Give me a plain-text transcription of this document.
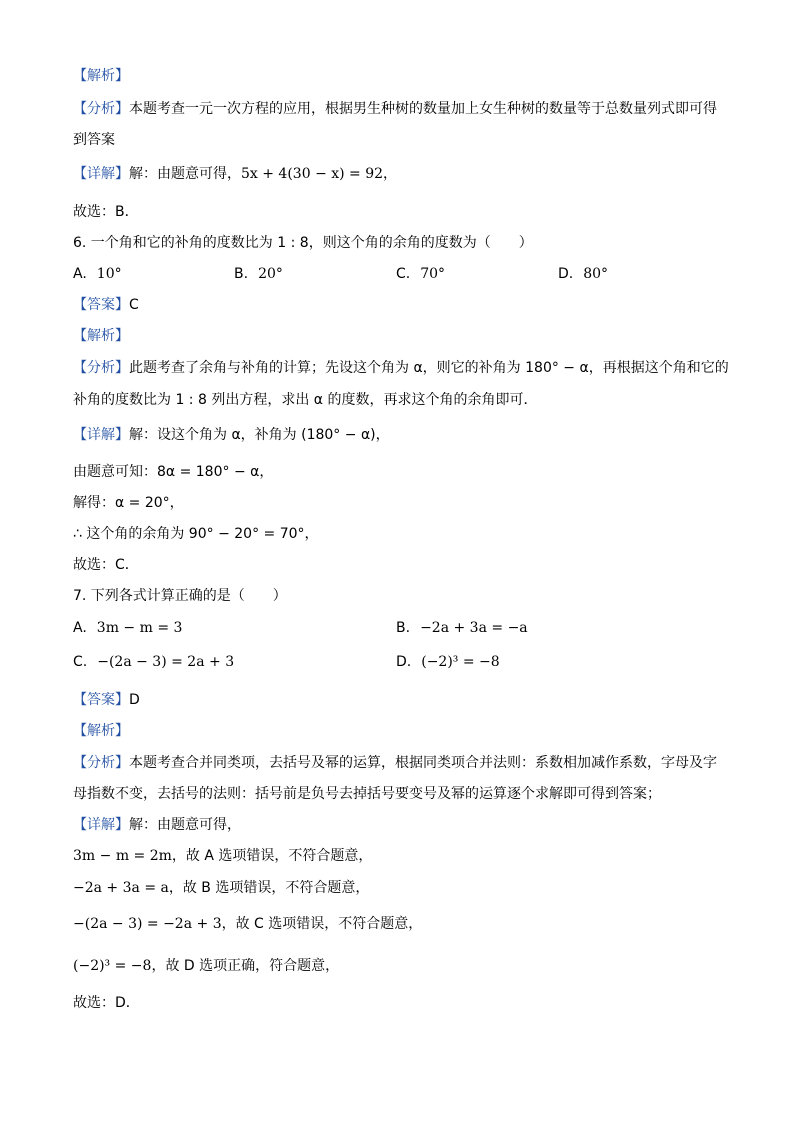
【解析】
【分析】本题考查一元一次方程的应用，根据男生种树的数量加上女生种树的数量等于总数量列式即可得
到答案
【详解】解：由题意可得，5x + 4(30 − x) = 92，
故选：B．
6. 一个角和它的补角的度数比为 1 : 8，则这个角的余角的度数为（　　）
A. 10°	B. 20°	C. 70°	D. 80°
【答案】C
【解析】
【分析】此题考查了余角与补角的计算；先设这个角为 α，则它的补角为 180° − α，再根据这个角和它的
补角的度数比为 1 : 8 列出方程，求出 α 的度数，再求这个角的余角即可．
【详解】解：设这个角为 α，补角为 (180° − α)，
由题意可知：8α = 180° − α，
解得：α = 20°，
∴ 这个角的余角为 90° − 20° = 70°，
故选：C．
7. 下列各式计算正确的是（　　）
A. 3m − m = 3	B. −2a + 3a = −a
C. −(2a − 3) = 2a + 3	D. (−2)³ = −8
【答案】D
【解析】
【分析】本题考查合并同类项，去括号及幂的运算，根据同类项合并法则：系数相加减作系数，字母及字
母指数不变，去括号的法则：括号前是负号去掉括号要变号及幂的运算逐个求解即可得到答案；
【详解】解：由题意可得，
3m − m = 2m，故 A 选项错误，不符合题意，
−2a + 3a = a，故 B 选项错误，不符合题意，
−(2a − 3) = −2a + 3，故 C 选项错误，不符合题意，
(−2)³ = −8，故 D 选项正确，符合题意，
故选：D．
